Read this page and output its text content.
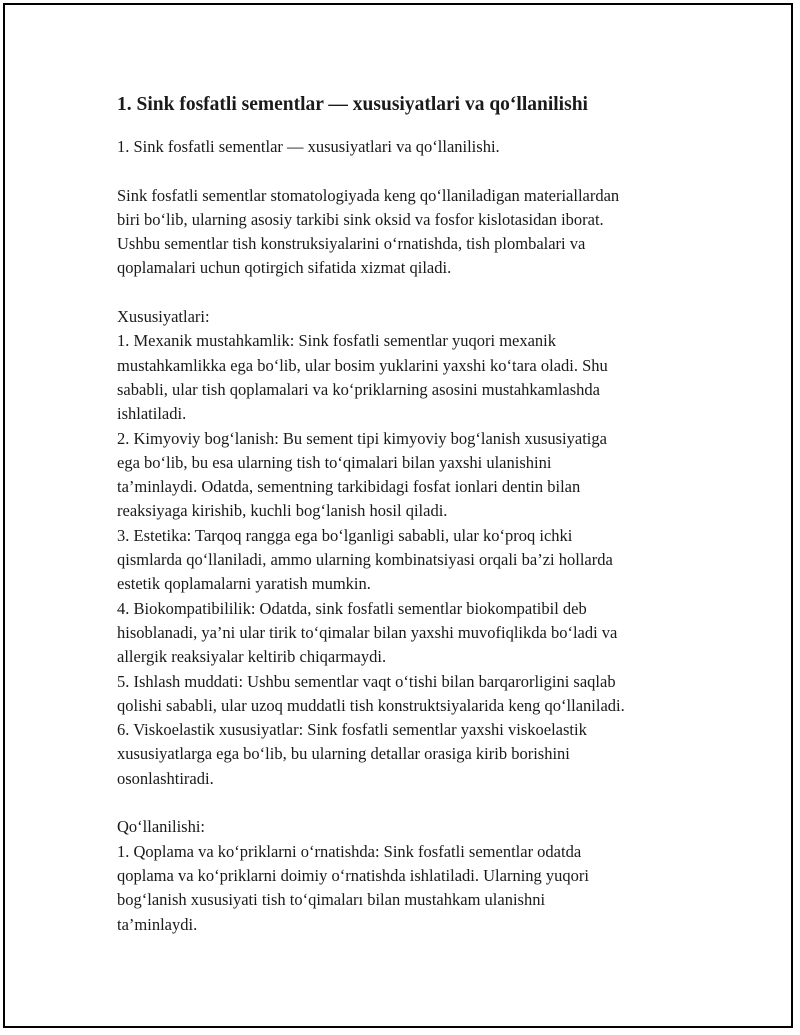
1. Sink fosfatli sementlar — xususiyatlari va qo‘llanilishi

1. Sink fosfatli sementlar — xususiyatlari va qo‘llanilishi.

Sink fosfatli sementlar stomatologiyada keng qo‘llaniladigan materiallardan

biri bo‘lib, ularning asosiy tarkibi sink oksid va fosfor kislotasidan iborat.

Ushbu sementlar tish konstruksiyalarini o‘rnatishda, tish plombalari va

qoplamalari uchun qotirgich sifatida xizmat qiladi.

Xususiyatlari:

1. Mexanik mustahkamlik: Sink fosfatli sementlar yuqori mexanik

mustahkamlikka ega bo‘lib, ular bosim yuklarini yaxshi ko‘tara oladi. Shu

sababli, ular tish qoplamalari va ko‘priklarning asosini mustahkamlashda

ishlatiladi.

2. Kimyoviy bog‘lanish: Bu sement tipi kimyoviy bog‘lanish xususiyatiga

ega bo‘lib, bu esa ularning tish to‘qimalari bilan yaxshi ulanishini

ta’minlaydi. Odatda, sementning tarkibidagi fosfat ionlari dentin bilan

reaksiyaga kirishib, kuchli bog‘lanish hosil qiladi.

3. Estetika: Tarqoq rangga ega bo‘lganligi sababli, ular ko‘proq ichki

qismlarda qo‘llaniladi, ammo ularning kombinatsiyasi orqali ba’zi hollarda

estetik qoplamalarni yaratish mumkin.

4. Biokompatibililik: Odatda, sink fosfatli sementlar biokompatibil deb

hisoblanadi, ya’ni ular tirik to‘qimalar bilan yaxshi muvofiqlikda bo‘ladi va

allergik reaksiyalar keltirib chiqarmaydi.

5. Ishlash muddati: Ushbu sementlar vaqt o‘tishi bilan barqarorligini saqlab

qolishi sababli, ular uzoq muddatli tish konstruktsiyalarida keng qo‘llaniladi.

6. Viskoelastik xususiyatlar: Sink fosfatli sementlar yaxshi viskoelastik

xususiyatlarga ega bo‘lib, bu ularning detallar orasiga kirib borishini

osonlashtiradi.

Qo‘llanilishi:

1. Qoplama va ko‘priklarni o‘rnatishda: Sink fosfatli sementlar odatda

qoplama va ko‘priklarni doimiy o‘rnatishda ishlatiladi. Ularning yuqori

bog‘lanish xususiyati tish to‘qimaları bilan mustahkam ulanishni

ta’minlaydi.
